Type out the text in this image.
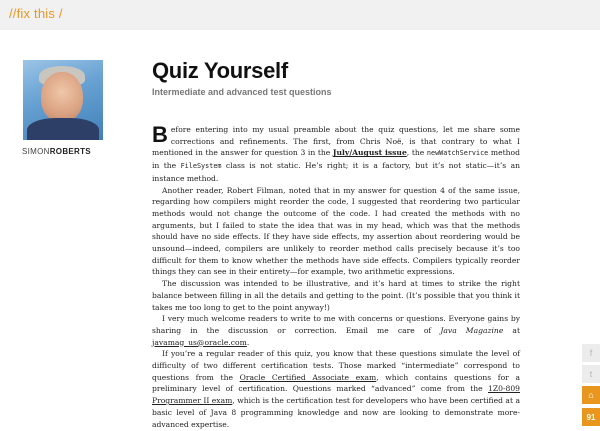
//fix this /
SIMONROBERTS
Quiz Yourself
Intermediate and advanced test questions

Before entering into my usual preamble about the quiz questions, let me share some corrections and refinements. The first, from Chris Noë, is that contrary to what I mentioned in the answer for question 3 in the July/August issue, the newWatchService method in the FileSystem class is not static. He’s right; it is a factory, but it’s not static—it’s an instance method.

Another reader, Robert Filman, noted that in my answer for question 4 of the same issue, regarding how compilers might reorder the code, I suggested that reordering two particular methods would not change the outcome of the code. I had created the methods with no arguments, but I failed to state the idea that was in my head, which was that the methods should have no side effects. If they have side effects, my assertion about reordering would be unsound—indeed, compilers are unlikely to reorder method calls precisely because it’s too difficult for them to know whether the methods have side effects. Compilers typically reorder things they can see in their entirety—for example, two arithmetic expressions.

The discussion was intended to be illustrative, and it’s hard at times to strike the right balance between filling in all the details and getting to the point. (It’s possible that you think it takes me too long to get to the point anyway!)

I very much welcome readers to write to me with concerns or questions. Everyone gains by sharing in the discussion or correction. Email me care of Java Magazine at javamag_us@oracle.com.

If you’re a regular reader of this quiz, you know that these questions simulate the level of difficulty of two different certification tests. Those marked “intermediate” correspond to questions from the Oracle Certified Associate exam, which contains questions for a preliminary level of certification. Questions marked “advanced” come from the 1Z0-809 Programmer II exam, which is the certification test for developers who have been certified at a basic level of Java 8 programming knowledge and now are looking to demonstrate more-advanced expertise.

f
t
⌂
91
